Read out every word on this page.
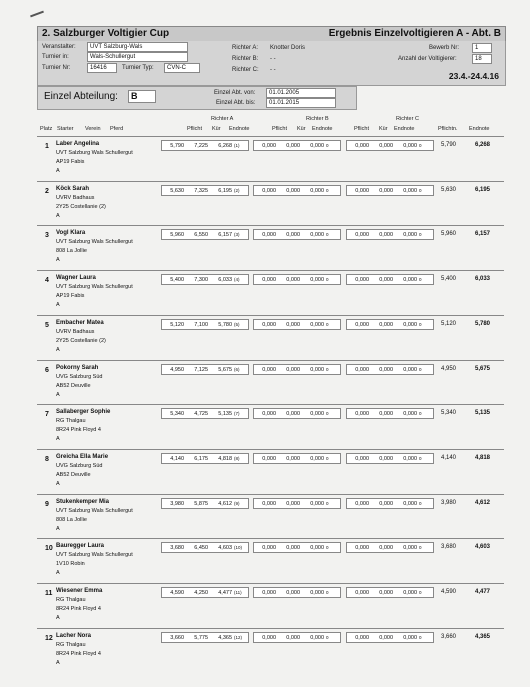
2. Salzburger Voltigier Cup	Ergebnis Einzelvoltigieren A - Abt. B
Veranstalter:	UVT Salzburg-Wals
Turnier in:	Wals-Schullergut
Turnier Nr:	16416	Turnier Typ:	CVN-C
Richter A: Knotter Doris
Richter B: - -
Richter C: - -
Bewerb Nr:	1
Anzahl der Voltigierer:	18
23.4.-24.4.16
Einzel Abteilung:	B	Einzel Abt. von:	01.01.2005
Einzel Abt. bis:	01.01.2015
Richter A	Richter B	Richter C
Platz Starter Verein Pferd	Pflicht Kür Endnote	Pflicht Kür Endnote	Pflicht Kür Endnote	Pflichtn. Endnote
1 Laber Angelina
UVT Salzburg Wals Schullergut
AP19 Fabis
A
5,790 7,225 6,268 (1)	0,000 0,000 0,000 0	0,000 0,000 0,000 0	5,790	6,268
2 Köck Sarah
UVRV Badhaus
2Y25 Costellanie (2)
A
5,630 7,325 6,195 (2)	0,000 0,000 0,000 0	0,000 0,000 0,000 0	5,630	6,195
3 Vogl Klara
UVT Salzburg Wals Schullergut
808 La Jollie
A
5,960 6,550 6,157 (3)	0,000 0,000 0,000 0	0,000 0,000 0,000 0	5,960	6,157
4 Wagner Laura
UVT Salzburg Wals Schullergut
AP19 Fabis
A
5,400 7,300 6,033 (4)	0,000 0,000 0,000 0	0,000 0,000 0,000 0	5,400	6,033
5 Embacher Matea
UVRV Badhaus
2Y25 Costellanie (2)
A
5,120 7,100 5,780 (5)	0,000 0,000 0,000 0	0,000 0,000 0,000 0	5,120	5,780
6 Pokorny Sarah
UVG Salzburg Süd
AB52 Deuville
A
4,950 7,125 5,675 (6)	0,000 0,000 0,000 0	0,000 0,000 0,000 0	4,950	5,675
7 Sallaberger Sophie
RG Thalgau
8R24 Pink Floyd 4
A
5,340 4,725 5,135 (7)	0,000 0,000 0,000 0	0,000 0,000 0,000 0	5,340	5,135
8 Greicha Ella Marie
UVG Salzburg Süd
AB52 Deuville
A
4,140 6,175 4,818 (8)	0,000 0,000 0,000 0	0,000 0,000 0,000 0	4,140	4,818
9 Stukenkemper Mia
UVT Salzburg Wals Schullergut
808 La Jollie
A
3,980 5,875 4,612 (9)	0,000 0,000 0,000 0	0,000 0,000 0,000 0	3,980	4,612
10 Bauregger Laura
UVT Salzburg Wals Schullergut
1V10 Robin
A
3,680 6,450 4,603 (10)	0,000 0,000 0,000 0	0,000 0,000 0,000 0	3,680	4,603
11 Wiesener Emma
RG Thalgau
8R24 Pink Floyd 4
A
4,590 4,250 4,477 (11)	0,000 0,000 0,000 0	0,000 0,000 0,000 0	4,590	4,477
12 Lacher Nora
RG Thalgau
8R24 Pink Floyd 4
A
3,660 5,775 4,365 (12)	0,000 0,000 0,000 0	0,000 0,000 0,000 0	3,660	4,365
